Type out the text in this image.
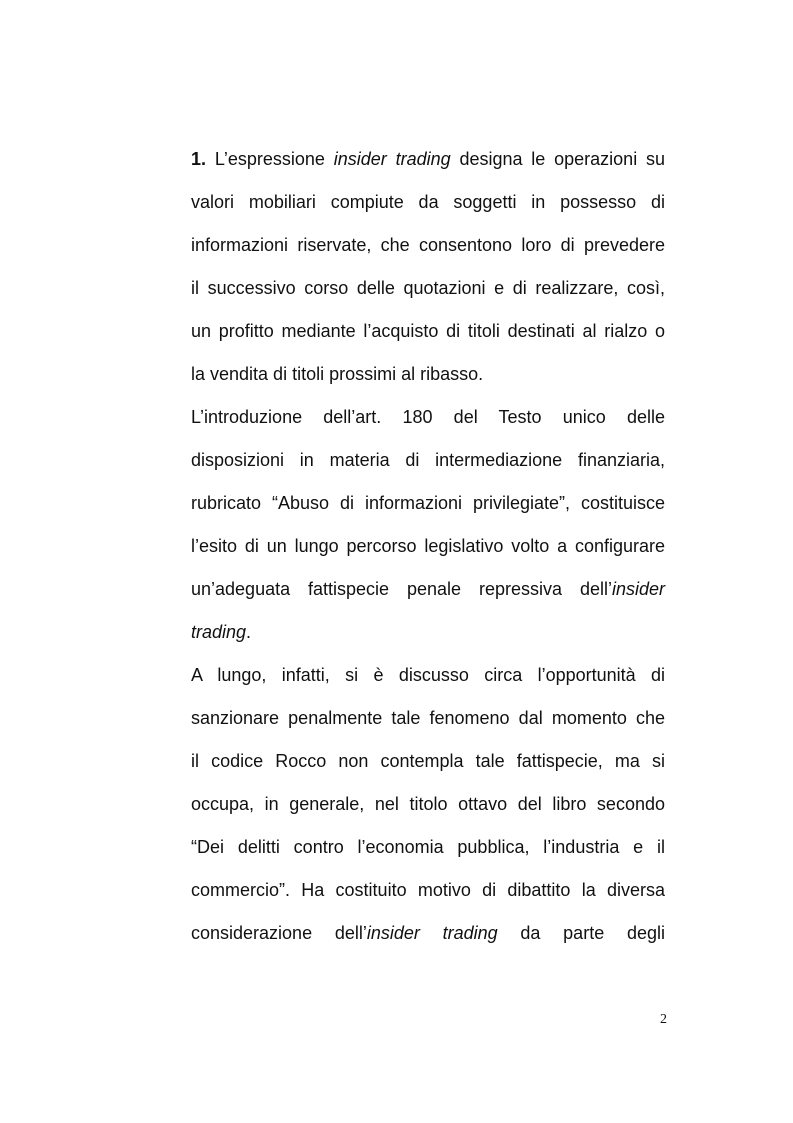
1. L’espressione insider trading designa le operazioni su
valori mobiliari compiute da soggetti in possesso di
informazioni riservate, che consentono loro di prevedere
il successivo corso delle quotazioni e di realizzare, così,
un profitto mediante l’acquisto di titoli destinati al rialzo o
la vendita di titoli prossimi al ribasso.
L’introduzione dell’art. 180 del Testo unico delle
disposizioni in materia di intermediazione finanziaria,
rubricato “Abuso di informazioni privilegiate”, costituisce
l’esito di un lungo percorso legislativo volto a configurare
un’adeguata fattispecie penale repressiva dell’insider
trading.
A lungo, infatti, si è discusso circa l’opportunità di
sanzionare penalmente tale fenomeno dal momento che
il codice Rocco non contempla tale fattispecie, ma si
occupa, in generale, nel titolo ottavo del libro secondo
“Dei delitti contro l’economia pubblica, l’industria e il
commercio”. Ha costituito motivo di dibattito la diversa
considerazione dell’insider trading da parte degli
2
